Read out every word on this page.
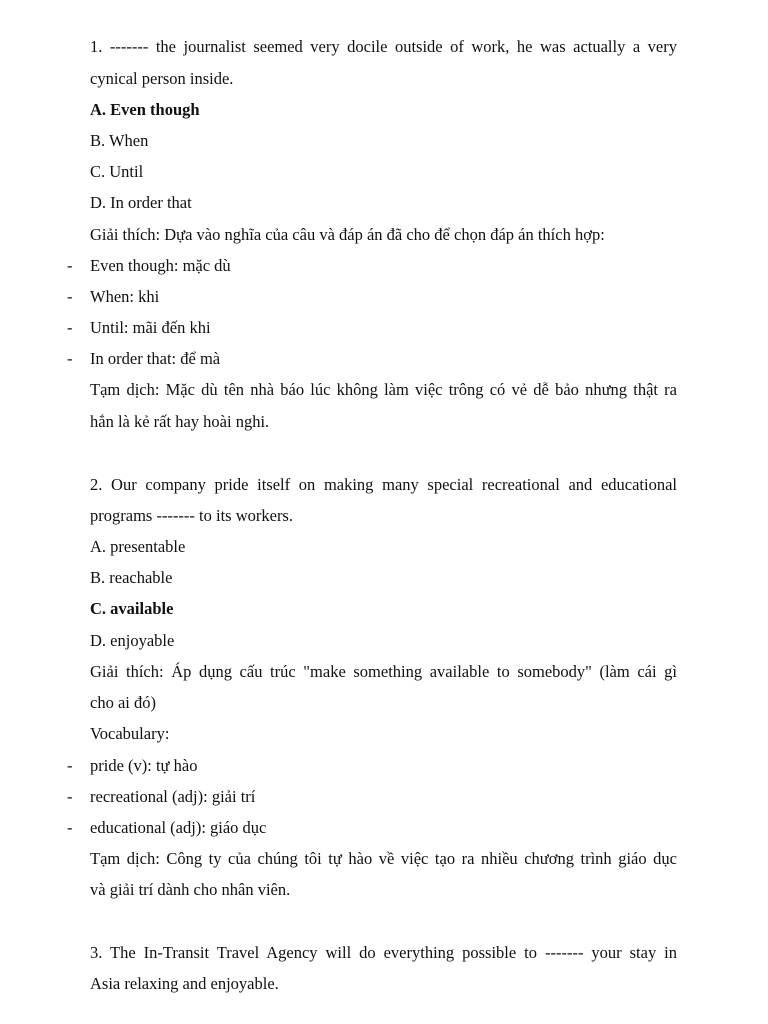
1. ------- the journalist seemed very docile outside of work, he was actually a very
cynical person inside.
A. Even though
B. When
C. Until
D. In order that
Giải thích: Dựa vào nghĩa của câu và đáp án đã cho để chọn đáp án thích hợp:
- Even though: mặc dù
- When: khi
- Until: mãi đến khi
- In order that: để mà
Tạm dịch: Mặc dù tên nhà báo lúc không làm việc trông có vẻ dễ bảo nhưng thật ra
hắn là kẻ rất hay hoài nghi.
2. Our company pride itself on making many special recreational and educational
programs ------- to its workers.
A. presentable
B. reachable
C. available
D. enjoyable
Giải thích: Áp dụng cấu trúc "make something available to somebody" (làm cái gì
cho ai đó)
Vocabulary:
- pride (v): tự hào
- recreational (adj): giải trí
- educational (adj): giáo dục
Tạm dịch: Công ty của chúng tôi tự hào về việc tạo ra nhiều chương trình giáo dục
và giải trí dành cho nhân viên.
3. The In-Transit Travel Agency will do everything possible to ------- your stay in
Asia relaxing and enjoyable.
